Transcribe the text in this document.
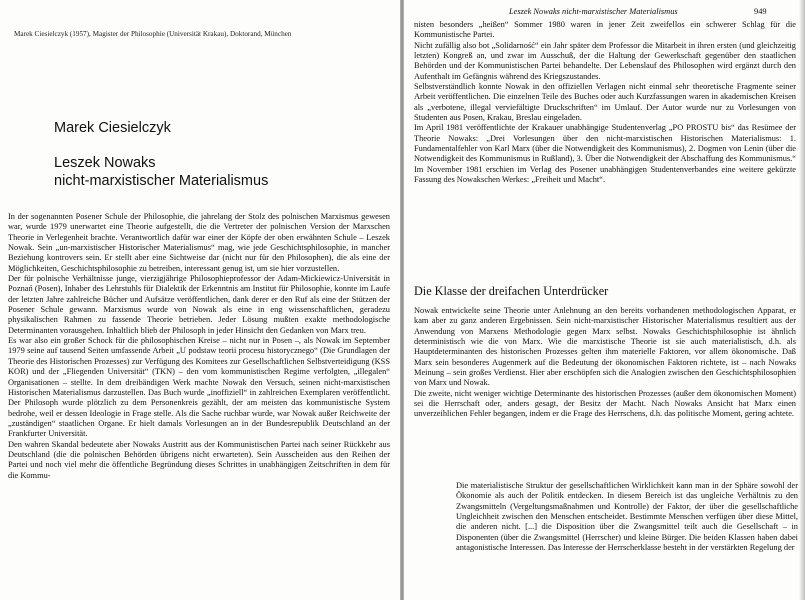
Marek Ciesielczyk (1957), Magister der Philosophie (Universität Krakau), Doktorand, München
Marek Ciesielczyk
Leszek Nowaks
nicht-marxistischer Materialismus

In der sogenannten Posener Schule der Philosophie, die jahrelang der Stolz des polnischen Marxismus gewesen war, wurde 1979 unerwartet eine Theorie aufgestellt, die die Vertreter der polnischen Version der Marxschen Theorie in Verlegenheit brachte. Verantwortlich dafür war einer der Köpfe der oben erwähnten Schule – Leszek Nowak. Sein „un-marxistischer Historischer Materialismus“ mag, wie jede Geschichtsphilosophie, in mancher Beziehung kontrovers sein. Er stellt aber eine Sichtweise dar (nicht nur für den Philosophen), die als eine der Möglichkeiten, Geschichtsphilosophie zu betreiben, interessant genug ist, um sie hier vorzustellen.

Der für polnische Verhältnisse junge, vierzigjährige Philosophieprofessor der Adam-Mickiewicz-Universität in Poznań (Posen), Inhaber des Lehrstuhls für Dialektik der Erkenntnis am Institut für Philosophie, konnte im Laufe der letzten Jahre zahlreiche Bücher und Aufsätze veröffentlichen, dank derer er den Ruf als eine der Stützen der Posener Schule gewann. Marxismus wurde von Nowak als eine in eng wissenschaftlichen, geradezu physikalischen Rahmen zu fassende Theorie betrieben. Jeder Lösung mußten exakte methodologische Determinanten vorausgehen. Inhaltlich blieb der Philosoph in jeder Hinsicht den Gedanken von Marx treu.

Es war also ein großer Schock für die philosophischen Kreise – nicht nur in Posen –, als Nowak im September 1979 seine auf tausend Seiten umfassende Arbeit „U podstaw teorii procesu historycznego“ (Die Grundlagen der Theorie des Historischen Prozesses) zur Verfügung des Komitees zur Gesellschaftlichen Selbstverteidigung (KSS KOR) und der „Fliegenden Universität“ (TKN) – den vom kommunistischen Regime verfolgten, „illegalen“ Organisationen – stellte. In dem dreibändigen Werk machte Nowak den Versuch, seinen nicht-marxistischen Historischen Materialismus darzustellen. Das Buch wurde „inoffiziell“ in zahlreichen Exemplaren veröffentlicht. Der Philosoph wurde plötzlich zu dem Personenkreis gezählt, der am meisten das kommunistische System bedrohe, weil er dessen Ideologie in Frage stelle. Als die Sache ruchbar wurde, war Nowak außer Reichweite der „zuständigen“ staatlichen Organe. Er hielt damals Vorlesungen an in der Bundesrepublik Deutschland an der Frankfurter Universität.

Den wahren Skandal bedeutete aber Nowaks Austritt aus der Kommunistischen Partei nach seiner Rückkehr aus Deutschland (die die polnischen Behörden übrigens nicht erwarteten). Sein Ausscheiden aus den Reihen der Partei und noch viel mehr die öffentliche Begründung dieses Schrittes in unabhängigen Zeitschriften in dem für die Kommu-

Leszek Nowaks nicht-marxistischer Materialismus	949

nisten besonders „heißen“ Sommer 1980 waren in jener Zeit zweifellos ein schwerer Schlag für die Kommunistische Partei.

Nicht zufällig also bot „Solidarność“ ein Jahr später dem Professor die Mitarbeit in ihren ersten (und gleichzeitig letzten) Kongreß an, und zwar im Ausschuß, der die Haltung der Gewerkschaft gegenüber den staatlichen Behörden und der Kommunistischen Partei behandelte. Der Lebenslauf des Philosophen wird ergänzt durch den Aufenthalt im Gefängnis während des Kriegszustandes.

Selbstverständlich konnte Nowak in den offiziellen Verlagen nicht einmal sehr theoretische Fragmente seiner Arbeit veröffentlichen. Die einzelnen Teile des Buches oder auch Kurzfassungen waren in akademischen Kreisen als „verbotene, illegal verviefältigte Druckschriften“ im Umlauf. Der Autor wurde nur zu Vorlesungen von Studenten aus Posen, Krakau, Breslau eingeladen.

Im April 1981 veröffentlichte der Krakauer unabhängige Studentenverlag „PO PROSTU bis“ das Resümee der Theorie Nowaks: „Drei Vorlesungen über den nicht-marxistischen Historischen Materialismus: 1. Fundamentalfehler von Karl Marx (über die Notwendigkeit des Kommunismus), 2. Dogmen von Lenin (über die Notwendigkeit des Kommunismus in Rußland), 3. Über die Notwendigkeit der Abschaffung des Kommunismus.“ Im November 1981 erschien im Verlag des Posener unabhängigen Studentenverbandes eine weitere gekürzte Fassung des Nowakschen Werkes: „Freiheit und Macht“.

Die Klasse der dreifachen Unterdrücker

Nowak entwickelte seine Theorie unter Anlehnung an den bereits vorhandenen methodologischen Apparat, er kam aber zu ganz anderen Ergebnissen. Sein nicht-marxistischer Historischer Materialismus resultiert aus der Anwendung von Marxens Methodologie gegen Marx selbst. Nowaks Geschichtsphilosophie ist ähnlich deterministisch wie die von Marx. Wie die marxistische Theorie ist sie auch materialistisch, d.h. als Hauptdeterminanten des historischen Prozesses gelten ihm materielle Faktoren, vor allem ökonomische. Daß Marx sein besonderes Augenmerk auf die Bedeutung der ökonomischen Faktoren richtete, ist – nach Nowaks Meinung – sein großes Verdienst. Hier aber erschöpfen sich die Analogien zwischen den Geschichtsphilosophien von Marx und Nowak.

Die zweite, nicht weniger wichtige Determinante des historischen Prozesses (außer dem ökonomischen Moment) sei die Herrschaft oder, anders gesagt, der Besitz der Macht. Nach Nowaks Ansicht hat Marx einen unverzeihlichen Fehler begangen, indem er die Frage des Herrschens, d.h. das politische Moment, gering achtete.

Die materialistische Struktur der gesellschaftlichen Wirklichkeit kann man in der Sphäre sowohl der Ökonomie als auch der Politik entdecken. In diesem Bereich ist das ungleiche Verhältnis zu den Zwangsmitteln (Vergeltungsmaßnahmen und Kontrolle) der Faktor, der über die gesellschaftliche Ungleichheit zwischen den Menschen entscheidet. Bestimmte Menschen verfügen über diese Mittel, die anderen nicht. [...] die Disposition über die Zwangsmittel teilt auch die Gesellschaft – in Disponenten (über die Zwangsmittel (Herrscher) und kleine Bürger. Die beiden Klassen haben dabei antagonistische Interessen. Das Interesse der Herrscherklasse besteht in der verstärkten Regelung der
